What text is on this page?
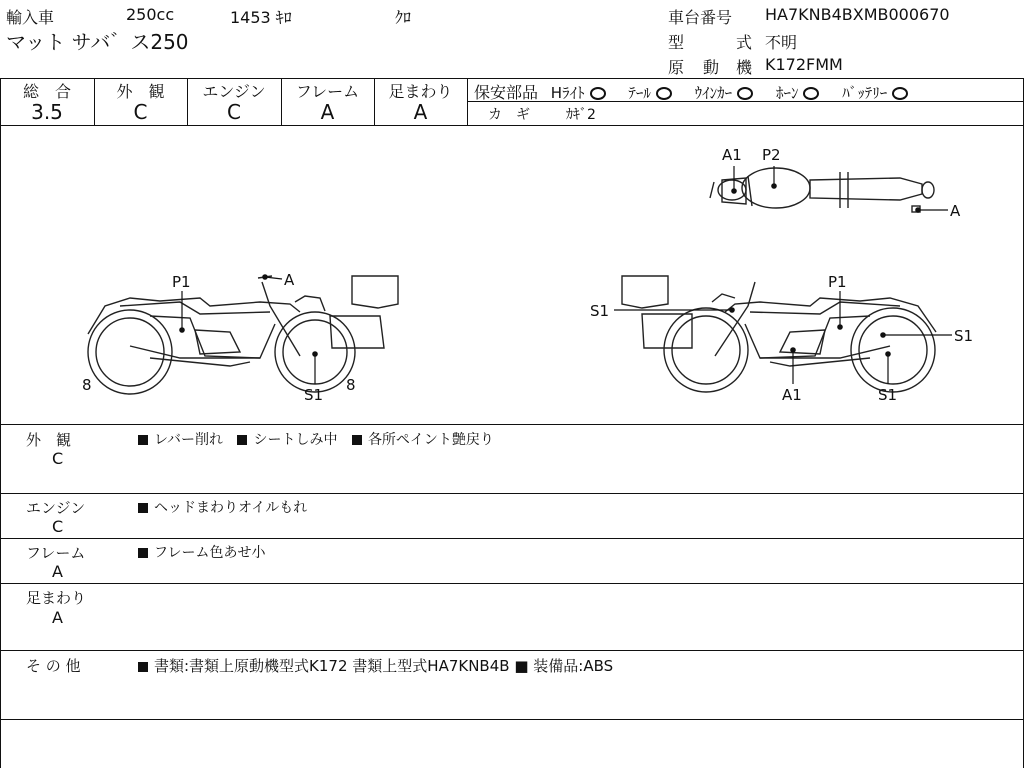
輸入車	250cc	1453 ｷﾛ	ｸﾛ
マット サバ゛ス250
車台番号 HA7KNB4BXMB000670
型	式 不明
原 動 機 K172FMM
総　合
3.5
外　観
C
エンジン
C
フレーム
A
足まわり
A
保安部品 Hﾗｲﾄ	ﾃｰﾙ	ｳｲﾝｶｰ	ﾎｰﾝ	ﾊﾞｯﾃﾘｰ
カ　ギ	ｶｷﾞ2
A1 P2
A
P1	A
8
S1
8
S1
P1
S1
A1	S1
外　観
C
レバー削れ シートしみ中 各所ペイント艶戻り
エンジン
C
ヘッドまわりオイルもれ
フレーム
A
フレーム色あせ小
足まわり
A
そ の 他	書類:書類上原動機型式K172 書類上型式HA7KNB4B ■ 装備品:ABS
